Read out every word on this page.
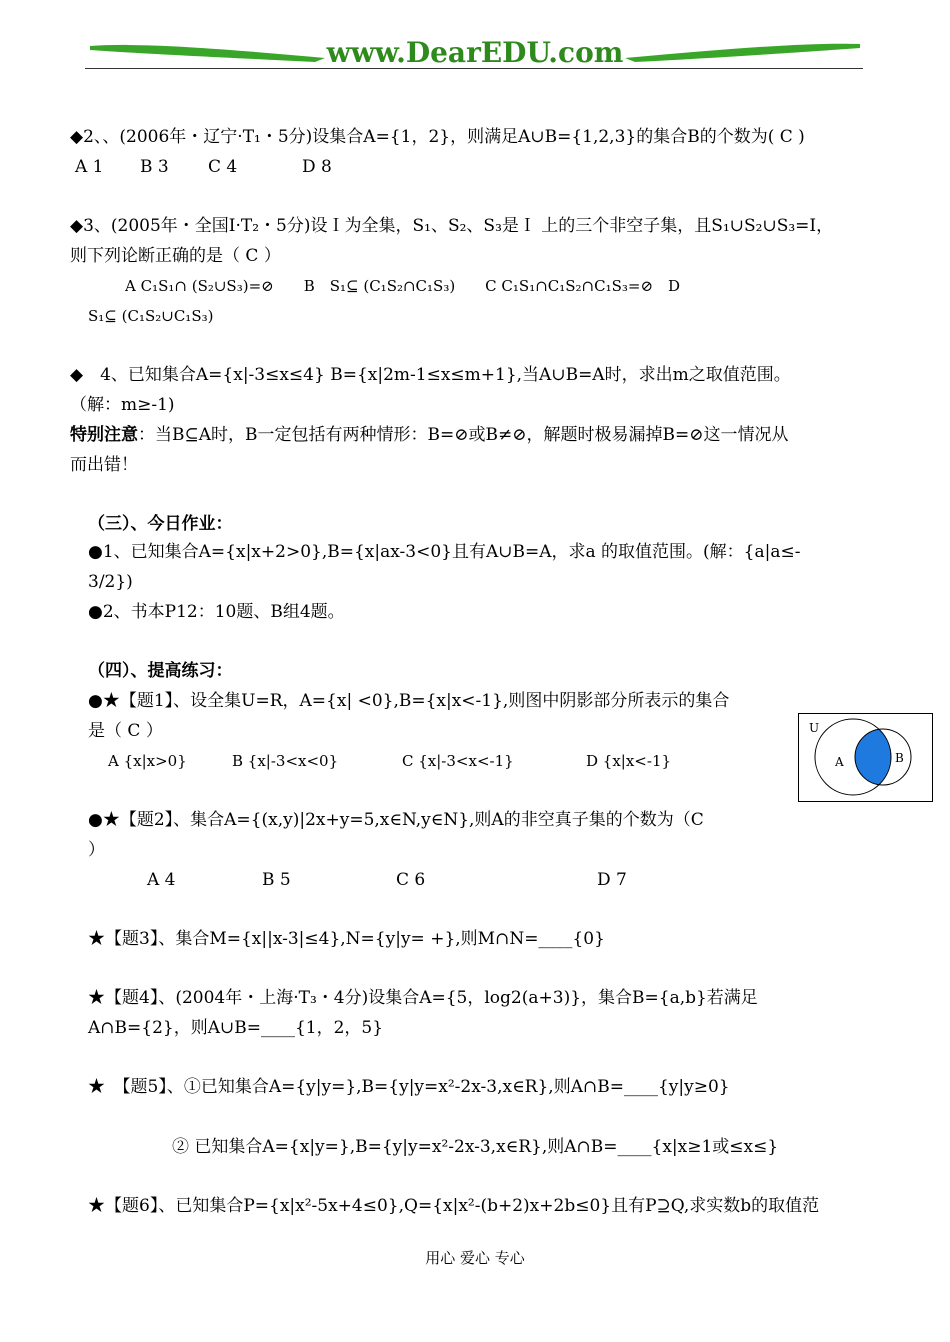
www.DearEDU.com
◆2、、(2006年・辽宁·T₁・5分)设集合A={1，2}，则满足A∪B={1,2,3}的集合B的个数为( C )
A 1 B 3 C 4	D 8
◆3、(2005年・全国Ⅰ·T₂・5分)设Ｉ为全集，S₁、S₂、S₃是Ｉ 上的三个非空子集，且S₁∪S₂∪S₃=I，
则下列论断正确的是（ C ）
A C₁S₁∩ (S₂∪S₃)=⊘　　B　S₁⊆ (C₁S₂∩C₁S₃)　　C C₁S₁∩C₁S₂∩C₁S₃=⊘　D
S₁⊆ (C₁S₂∪C₁S₃)
◆　4、已知集合A={x|-3≤x≤4} B={x|2m-1≤x≤m+1},当A∪B=A时，求出m之取值范围。
（解：m≥-1)
特别注意：当B⊆A时，B一定包括有两种情形：B=⊘或B≠⊘，解题时极易漏掉B=⊘这一情况从
而出错！
（三）、今日作业：
●1、已知集合A={x|x+2>0},B={x|ax-3<0}且有A∪B=A，求a 的取值范围。(解：{a|a≤-
3/2})
●2、书本P12：10题、B组4题。
（四）、提高练习：
●★【题1】、设全集U=R，A={x| <0},B={x|x<-1},则图中阴影部分所表示的集合
是（ C ）
A {x|x>0}	B {x|-3<x<0}	C {x|-3<x<-1}	D {x|x<-1}
U
A	B
●★【题2】、集合A={(x,y)|2x+y=5,x∈N,y∈N},则A的非空真子集的个数为（C
）
A 4	B 5	C 6	D 7
★【题3】、集合M={x||x-3|≤4},N={y|y= +},则M∩N=____{0}
★【题4】、(2004年・上海·T₃・4分)设集合A={5，log2(a+3)}，集合B={a,b}若满足
A∩B={2}，则A∪B=____{1，2，5}
★　【题5】、①已知集合A={y|y=},B={y|y=x²-2x-3,x∈R},则A∩B=____{y|y≥0}
② 已知集合A={x|y=},B={y|y=x²-2x-3,x∈R},则A∩B=____{x|x≥1或≤x≤}
★【题6】、已知集合P={x|x²-5x+4≤0},Q={x|x²-(b+2)x+2b≤0}且有P⊇Q,求实数b的取值范
用心 爱心 专心
